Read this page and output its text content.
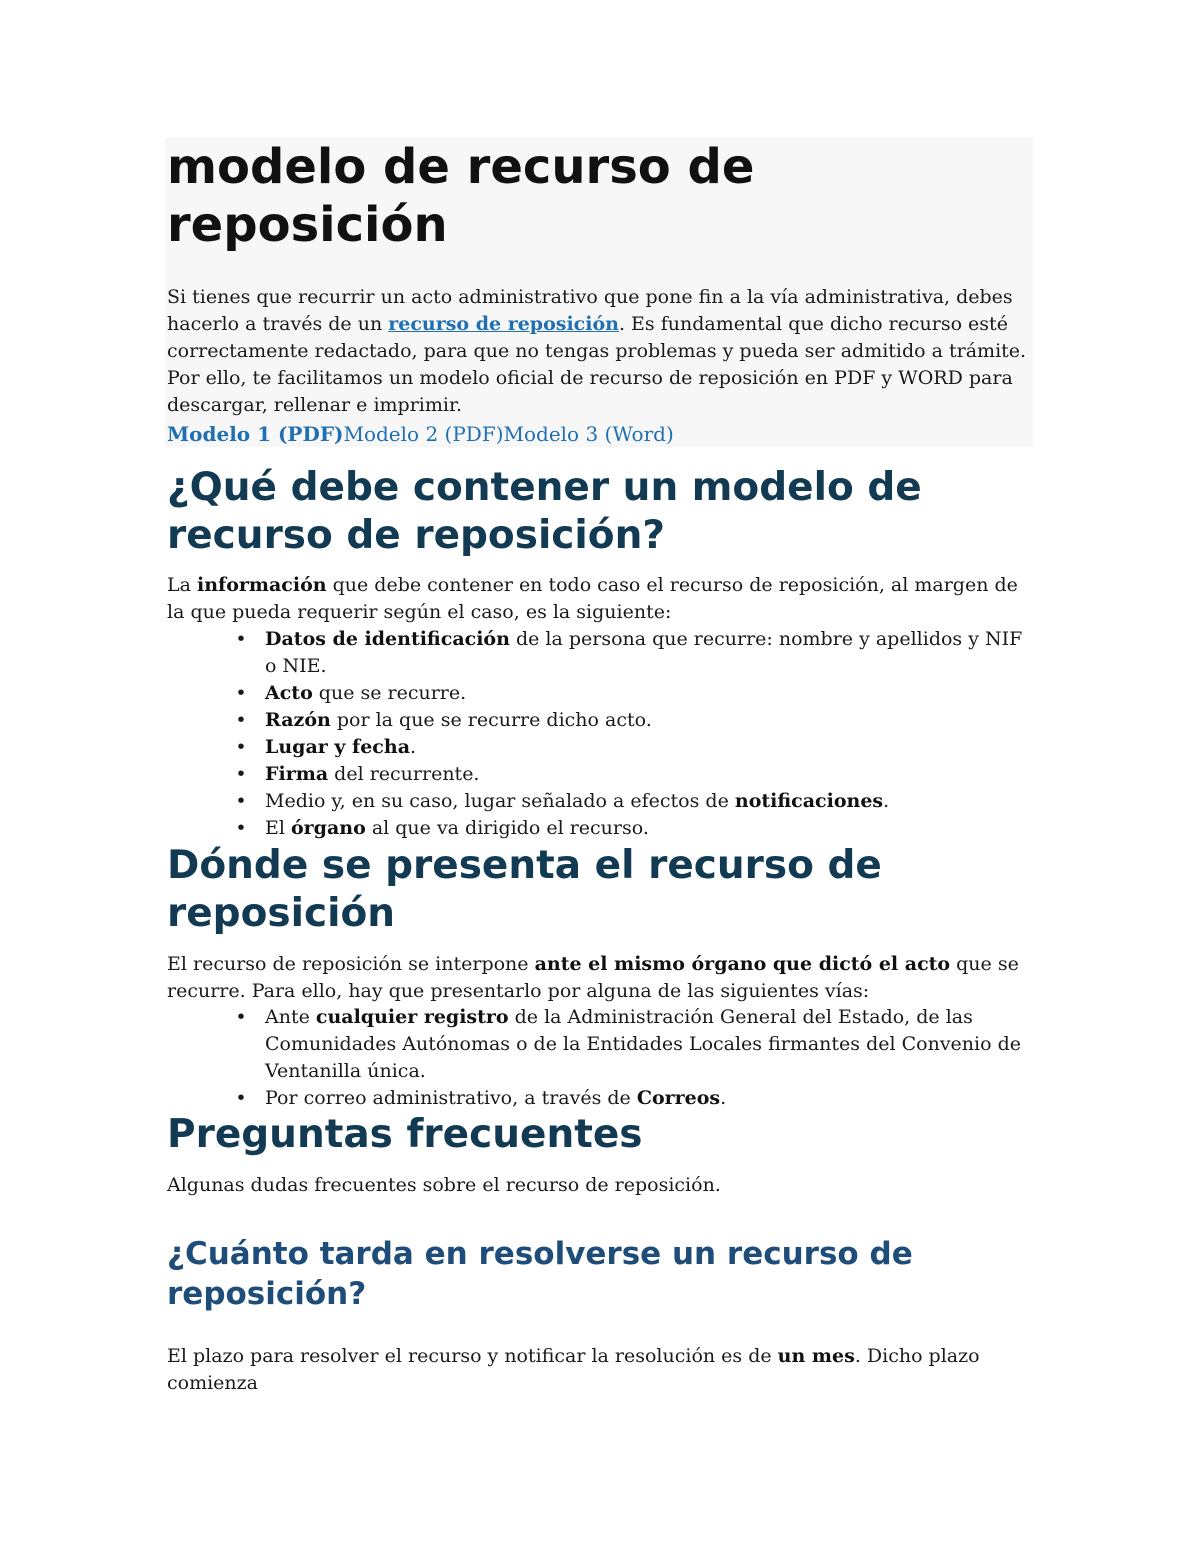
modelo de recurso de reposición

Si tienes que recurrir un acto administrativo que pone fin a la vía administrativa, debes hacerlo a través de un recurso de reposición. Es fundamental que dicho recurso esté correctamente redactado, para que no tengas problemas y pueda ser admitido a trámite. Por ello, te facilitamos un modelo oficial de recurso de reposición en PDF y WORD para descargar, rellenar e imprimir.

Modelo 1 (PDF)Modelo 2 (PDF)Modelo 3 (Word)
¿Qué debe contener un modelo de recurso de reposición?

La información que debe contener en todo caso el recurso de reposición, al margen de la que pueda requerir según el caso, es la siguiente:

• Datos de identificación de la persona que recurre: nombre y apellidos y NIF o NIE.
• Acto que se recurre.
• Razón por la que se recurre dicho acto.
• Lugar y fecha.
• Firma del recurrente.
• Medio y, en su caso, lugar señalado a efectos de notificaciones.
• El órgano al que va dirigido el recurso.
Dónde se presenta el recurso de reposición

El recurso de reposición se interpone ante el mismo órgano que dictó el acto que se recurre. Para ello, hay que presentarlo por alguna de las siguientes vías:

• Ante cualquier registro de la Administración General del Estado, de las Comunidades Autónomas o de la Entidades Locales firmantes del Convenio de Ventanilla única.
• Por correo administrativo, a través de Correos.
Preguntas frecuentes

Algunas dudas frecuentes sobre el recurso de reposición.

¿Cuánto tarda en resolverse un recurso de reposición?

El plazo para resolver el recurso y notificar la resolución es de un mes. Dicho plazo comienza
